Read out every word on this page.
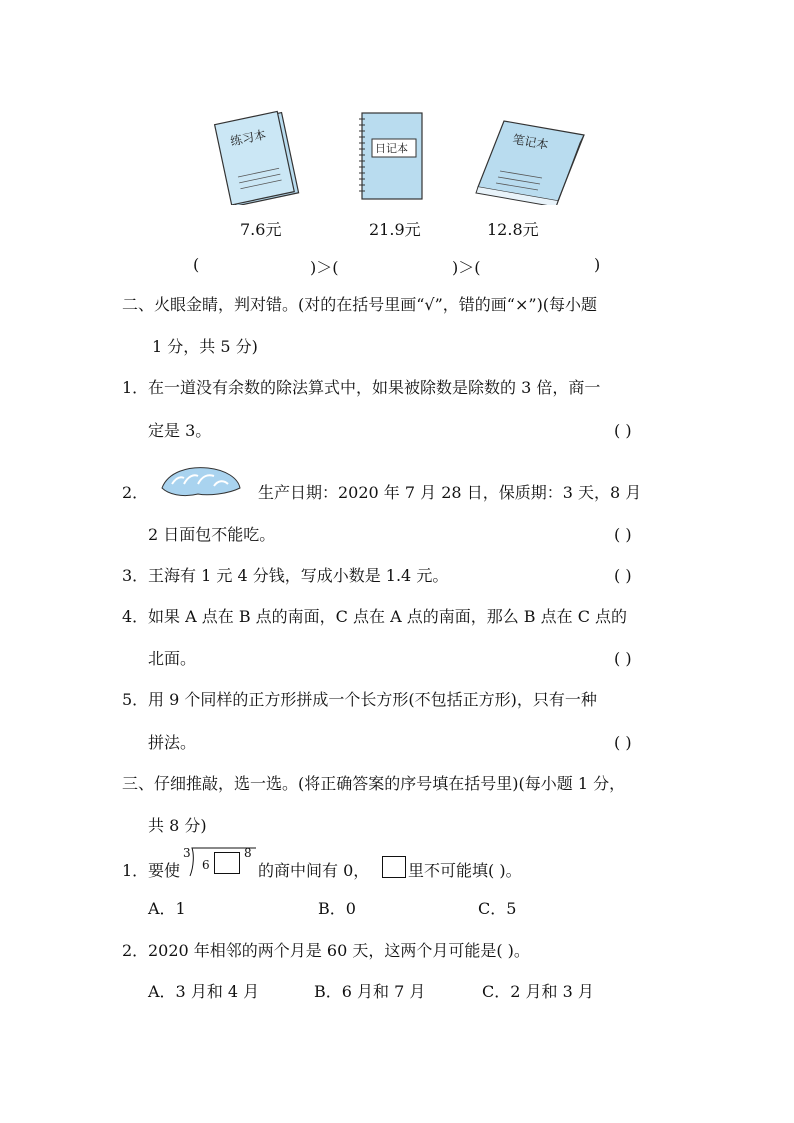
练习本	日记本	笔记本
7.6元	21.9元	12.8元
(	)＞(	)＞(	)
二、火眼金睛，判对错。(对的在括号里画“√”，错的画“×”)(每小题
1 分，共 5 分)
1． 在一道没有余数的除法算式中，如果被除数是除数的 3 倍，商一
定是 3。	( )
2．	生产日期：2020 年 7 月 28 日，保质期：3 天，8 月
2 日面包不能吃。	( )
3． 王海有 1 元 4 分钱，写成小数是 1.4 元。	( )
4． 如果 A 点在 B 点的南面，C 点在 A 点的南面，那么 B 点在 C 点的
北面。	( )
5． 用 9 个同样的正方形拼成一个长方形(不包括正方形)，只有一种
拼法。	( )
三、仔细推敲，选一选。(将正确答案的序号填在括号里)(每小题 1 分，
共 8 分)
1． 要使
3
6
8
的商中间有 0， 里不可能填( )。
A．1	B．0	C．5
2． 2020 年相邻的两个月是 60 天，这两个月可能是( )。
A．3 月和 4 月	B．6 月和 7 月	C．2 月和 3 月
